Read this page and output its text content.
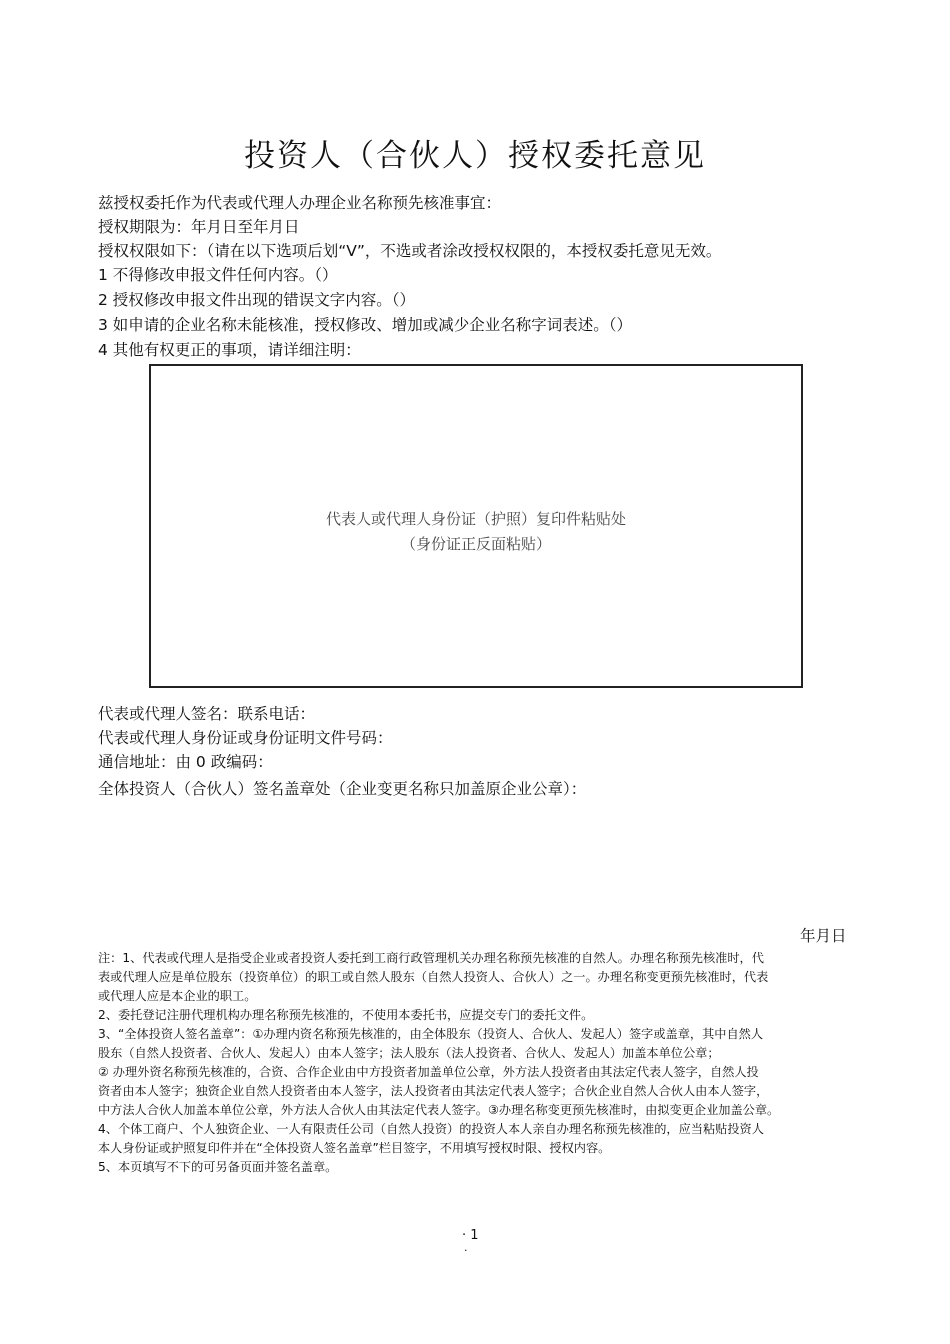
投资人（合伙人）授权委托意见
兹授权委托作为代表或代理人办理企业名称预先核准事宜：
授权期限为：年月日至年月日
授权权限如下：（请在以下选项后划“V”，不选或者涂改授权权限的，本授权委托意见无效。
1 不得修改申报文件任何内容。（）
2 授权修改申报文件出现的错误文字内容。（）
3 如申请的企业名称未能核准，授权修改、增加或减少企业名称字词表述。（）
4 其他有权更正的事项，请详细注明：
代表人或代理人身份证（护照）复印件粘贴处
（身份证正反面粘贴）
代表或代理人签名：联系电话：
代表或代理人身份证或身份证明文件号码：
通信地址：由 0 政编码：
全体投资人（合伙人）签名盖章处（企业变更名称只加盖原企业公章）：
年月日
注：1、代表或代理人是指受企业或者投资人委托到工商行政管理机关办理名称预先核准的自然人。办理名称预先核准时，代
表或代理人应是单位股东（投资单位）的职工或自然人股东（自然人投资人、合伙人）之一。办理名称变更预先核准时，代表
或代理人应是本企业的职工。
2、委托登记注册代理机构办理名称预先核准的，不使用本委托书，应提交专门的委托文件。
3、“全体投资人签名盖章”：①办理内资名称预先核准的，由全体股东（投资人、合伙人、发起人）签字或盖章，其中自然人
股东（自然人投资者、合伙人、发起人）由本人签字；法人股东（法人投资者、合伙人、发起人）加盖本单位公章；
② 办理外资名称预先核准的，合资、合作企业由中方投资者加盖单位公章，外方法人投资者由其法定代表人签字，自然人投
资者由本人签字；独资企业自然人投资者由本人签字，法人投资者由其法定代表人签字；合伙企业自然人合伙人由本人签字，
中方法人合伙人加盖本单位公章，外方法人合伙人由其法定代表人签字。③办理名称变更预先核准时，由拟变更企业加盖公章。
4、个体工商户、个人独资企业、一人有限责任公司（自然人投资）的投资人本人亲自办理名称预先核准的，应当粘贴投资人
本人身份证或护照复印件并在“全体投资人签名盖章”栏目签字，不用填写授权时限、授权内容。
5、本页填写不下的可另备页面并签名盖章。
· 1
·
